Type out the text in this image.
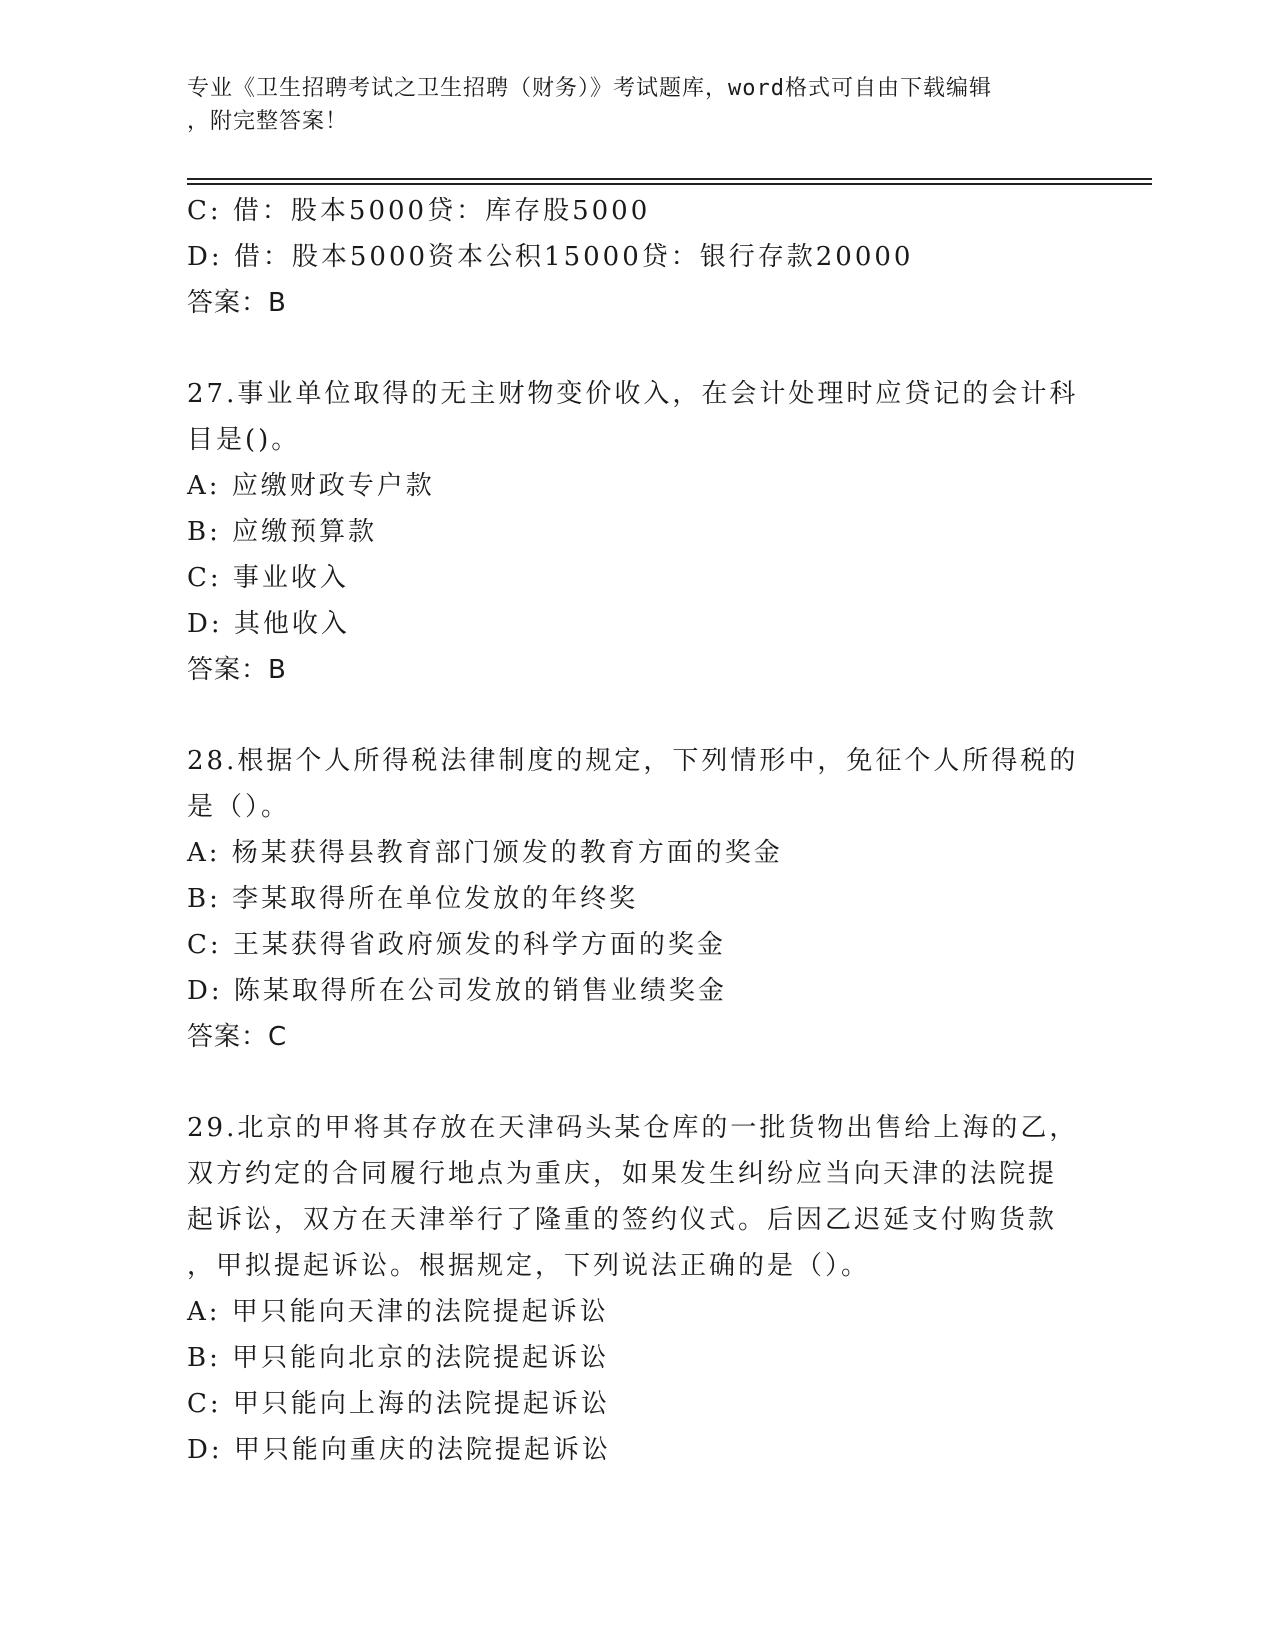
专业《卫生招聘考试之卫生招聘（财务）》考试题库，word格式可自由下载编辑
，附完整答案！
C: 借：股本5000贷：库存股5000
D: 借：股本5000资本公积15000贷：银行存款20000
答案：B
27.事业单位取得的无主财物变价收入，在会计处理时应贷记的会计科
目是()。
A: 应缴财政专户款
B: 应缴预算款
C: 事业收入
D: 其他收入
答案：B
28.根据个人所得税法律制度的规定，下列情形中，免征个人所得税的
是（）。
A: 杨某获得县教育部门颁发的教育方面的奖金
B: 李某取得所在单位发放的年终奖
C: 王某获得省政府颁发的科学方面的奖金
D: 陈某取得所在公司发放的销售业绩奖金
答案：C
29.北京的甲将其存放在天津码头某仓库的一批货物出售给上海的乙，
双方约定的合同履行地点为重庆，如果发生纠纷应当向天津的法院提
起诉讼，双方在天津举行了隆重的签约仪式。后因乙迟延支付购货款
，甲拟提起诉讼。根据规定，下列说法正确的是（）。
A: 甲只能向天津的法院提起诉讼
B: 甲只能向北京的法院提起诉讼
C: 甲只能向上海的法院提起诉讼
D: 甲只能向重庆的法院提起诉讼
